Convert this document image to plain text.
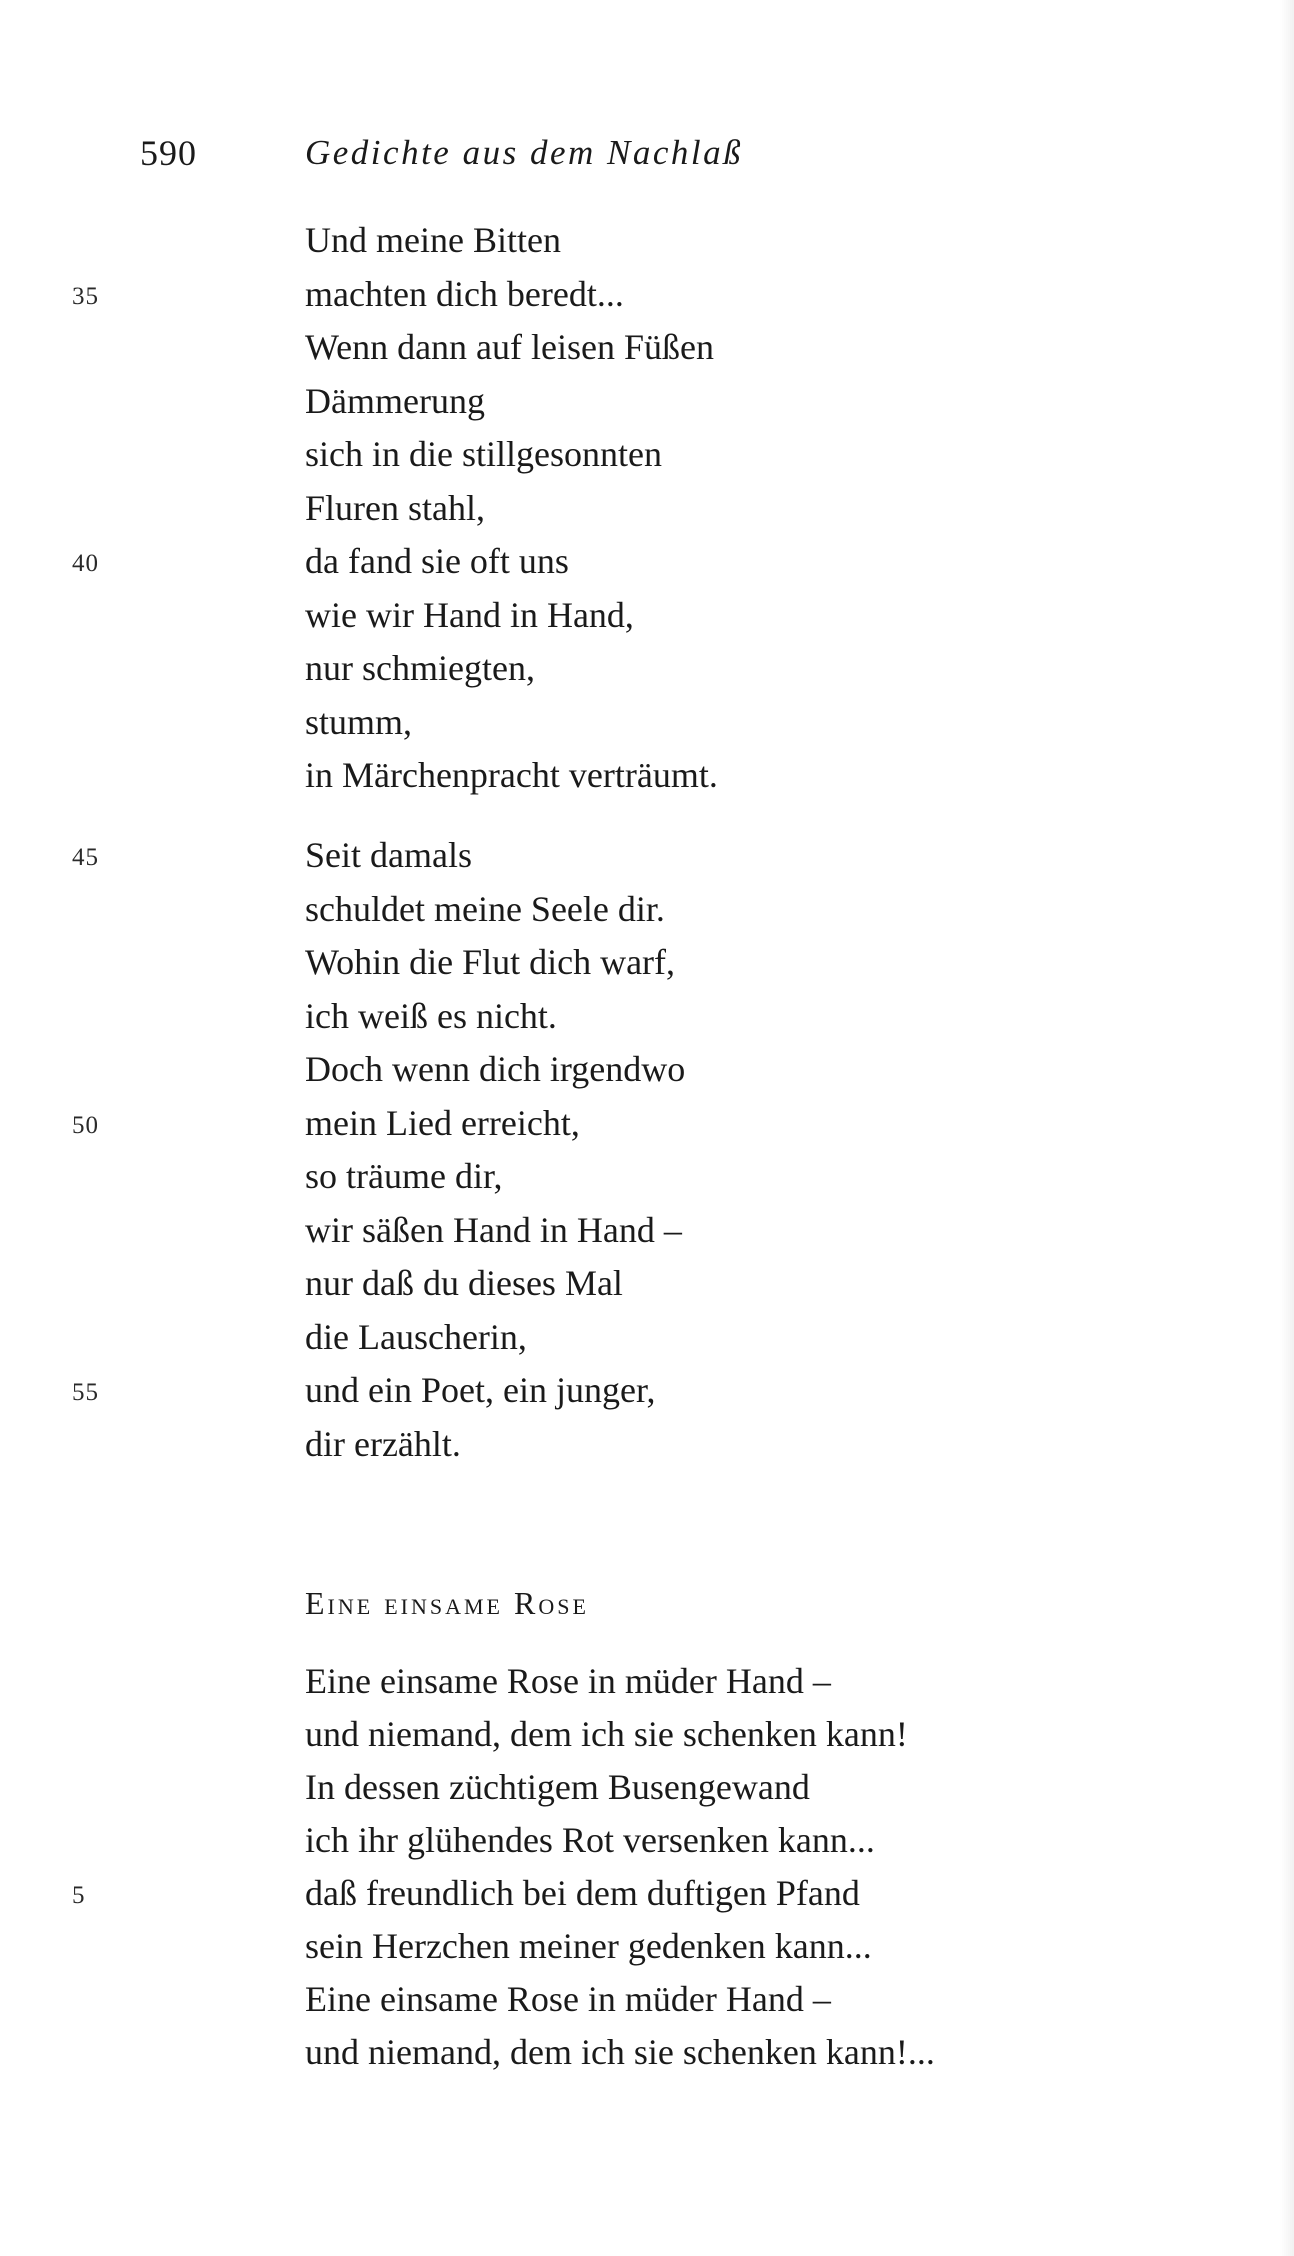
590	Gedichte aus dem Nachlaß
Und meine Bitten
machten dich beredt...
35
Wenn dann auf leisen Füßen
Dämmerung
sich in die stillgesonnten
Fluren stahl,
da fand sie oft uns
40
wie wir Hand in Hand,
nur schmiegten,
stumm,
in Märchenpracht verträumt.
Seit damals
45
schuldet meine Seele dir.
Wohin die Flut dich warf,
ich weiß es nicht.
Doch wenn dich irgendwo
mein Lied erreicht,
50
so träume dir,
wir säßen Hand in Hand –
nur daß du dieses Mal
die Lauscherin,
und ein Poet, ein junger,
55
dir erzählt.
Eine einsame Rose
Eine einsame Rose in müder Hand –
und niemand, dem ich sie schenken kann!
In dessen züchtigem Busengewand
ich ihr glühendes Rot versenken kann...
daß freundlich bei dem duftigen Pfand
5
sein Herzchen meiner gedenken kann...
Eine einsame Rose in müder Hand –
und niemand, dem ich sie schenken kann!...
